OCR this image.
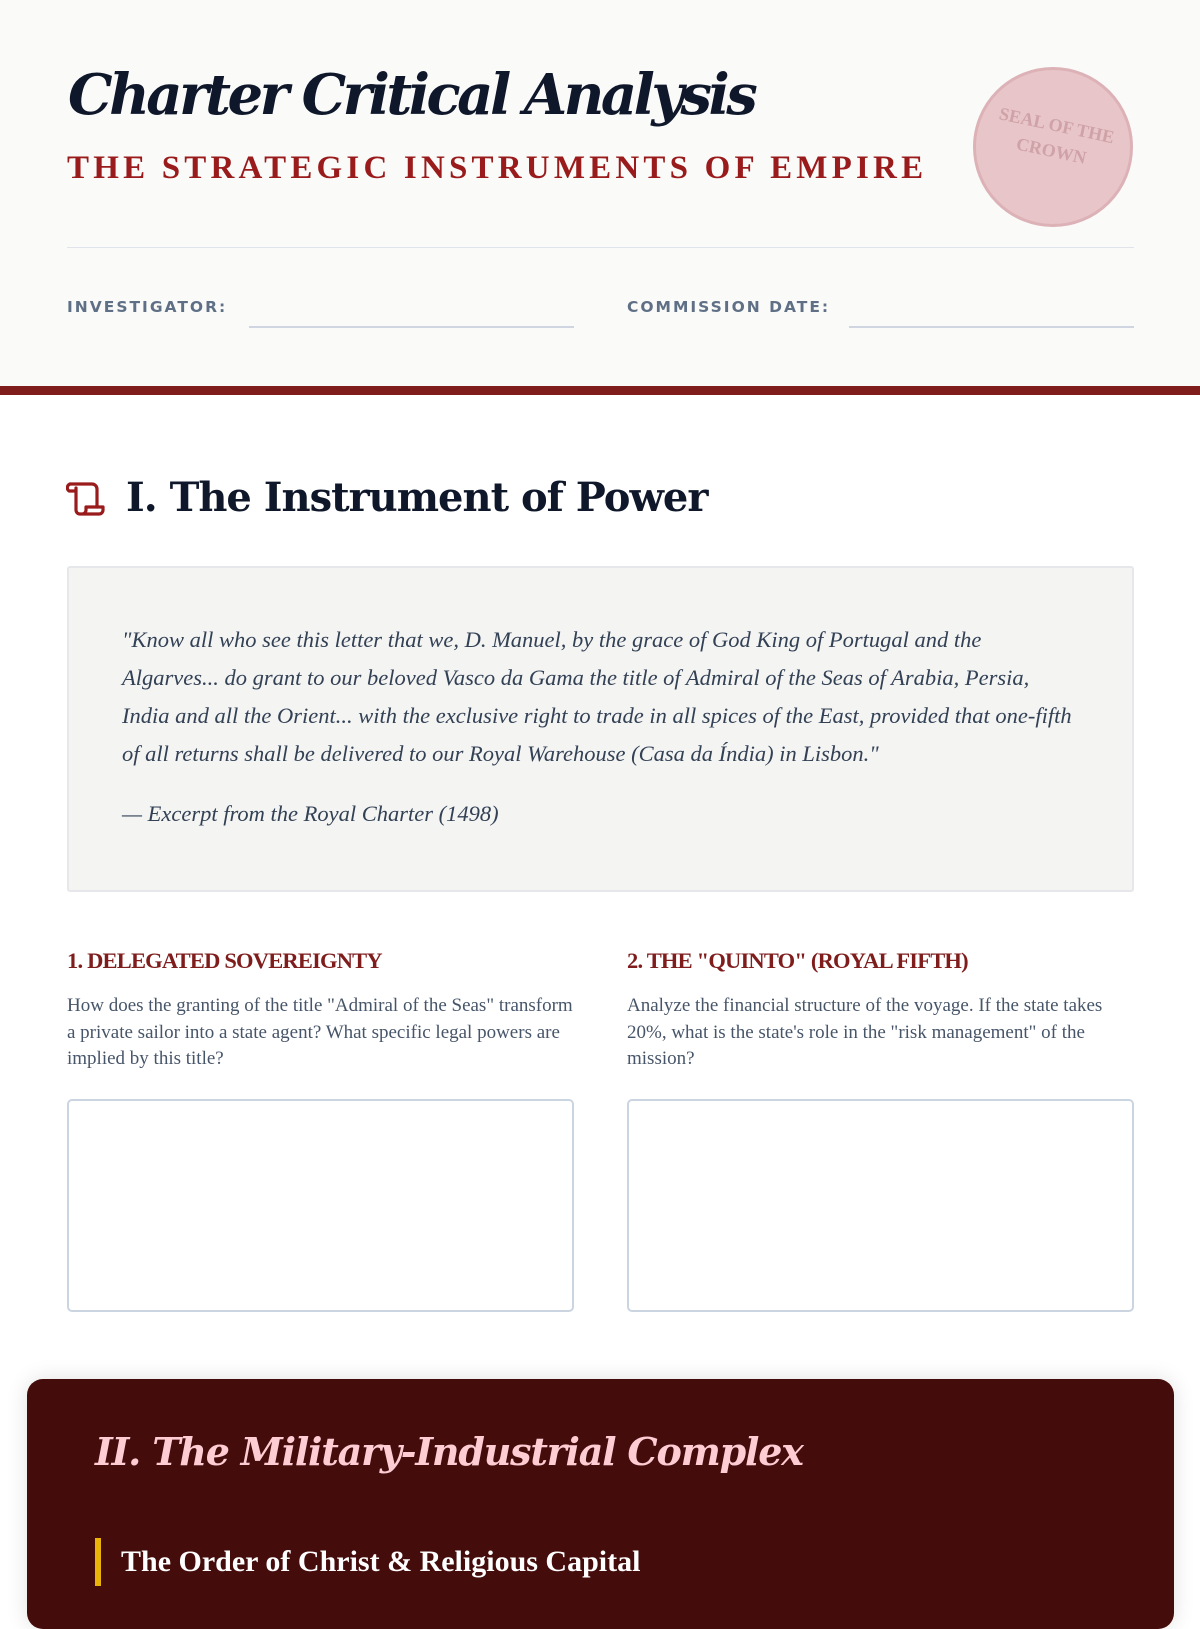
Charter Critical Analysis
THE STRATEGIC INSTRUMENTS OF EMPIRE
SEAL OF THE CROWN
INVESTIGATOR:	COMMISSION DATE:
I. The Instrument of Power

"Know all who see this letter that we, D. Manuel, by the grace of God King of Portugal and the Algarves... do grant to our beloved Vasco da Gama the title of Admiral of the Seas of Arabia, Persia, India and all the Orient... with the exclusive right to trade in all spices of the East, provided that one-fifth of all returns shall be delivered to our Royal Warehouse (Casa da Índia) in Lisbon."

— Excerpt from the Royal Charter (1498)
1. DELEGATED SOVEREIGNTY

How does the granting of the title "Admiral of the Seas" transform a private sailor into a state agent? What specific legal powers are implied by this title?

2. THE "QUINTO" (ROYAL FIFTH)

Analyze the financial structure of the voyage. If the state takes 20%, what is the state's role in the "risk management" of the mission?

II. The Military-Industrial Complex
The Order of Christ & Religious Capital
